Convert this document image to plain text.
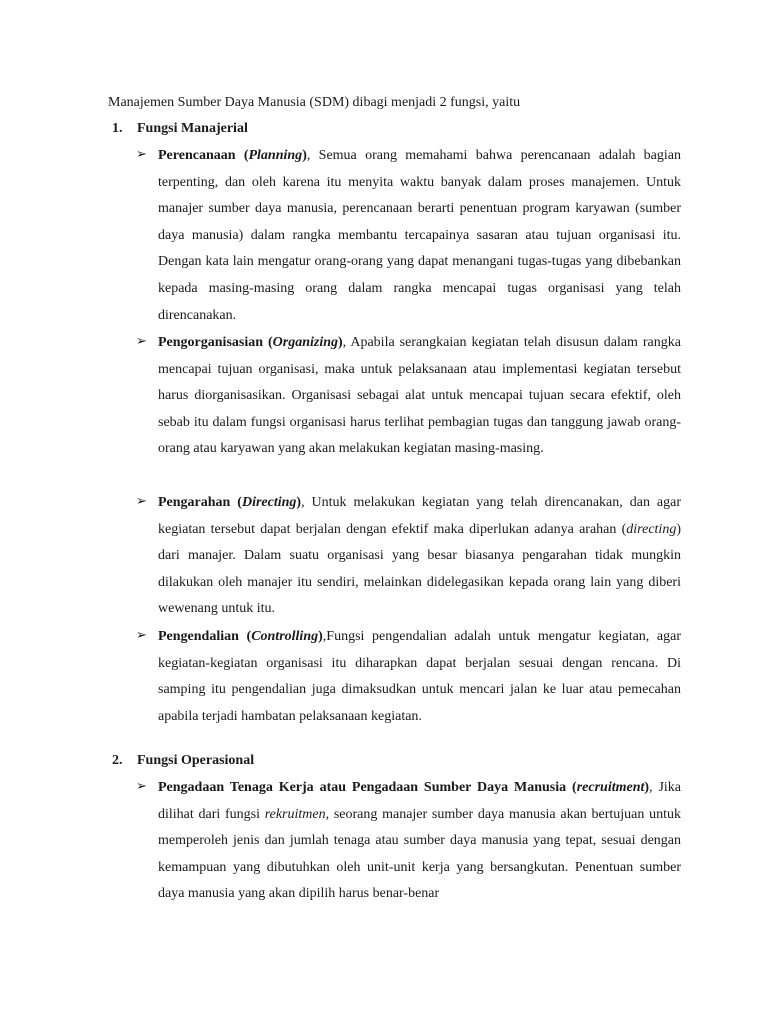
Manajemen Sumber Daya Manusia (SDM) dibagi menjadi 2 fungsi, yaitu
1. Fungsi Manajerial
➢ Perencanaan (Planning), Semua orang memahami bahwa perencanaan adalah bagian terpenting, dan oleh karena itu menyita waktu banyak dalam proses manajemen. Untuk manajer sumber daya manusia, perencanaan berarti penentuan program karyawan (sumber daya manusia) dalam rangka membantu tercapainya sasaran atau tujuan organisasi itu. Dengan kata lain mengatur orang-orang yang dapat menangani tugas-tugas yang dibebankan kepada masing-masing orang dalam rangka mencapai tugas organisasi yang telah direncanakan.
➢ Pengorganisasian (Organizing), Apabila serangkaian kegiatan telah disusun dalam rangka mencapai tujuan organisasi, maka untuk pelaksanaan atau implementasi kegiatan tersebut harus diorganisasikan. Organisasi sebagai alat untuk mencapai tujuan secara efektif, oleh sebab itu dalam fungsi organisasi harus terlihat pembagian tugas dan tanggung jawab orang-orang atau karyawan yang akan melakukan kegiatan masing-masing.
➢ Pengarahan (Directing), Untuk melakukan kegiatan yang telah direncanakan, dan agar kegiatan tersebut dapat berjalan dengan efektif maka diperlukan adanya arahan (directing) dari manajer. Dalam suatu organisasi yang besar biasanya pengarahan tidak mungkin dilakukan oleh manajer itu sendiri, melainkan didelegasikan kepada orang lain yang diberi wewenang untuk itu.
➢ Pengendalian (Controlling),Fungsi pengendalian adalah untuk mengatur kegiatan, agar kegiatan-kegiatan organisasi itu diharapkan dapat berjalan sesuai dengan rencana. Di samping itu pengendalian juga dimaksudkan untuk mencari jalan ke luar atau pemecahan apabila terjadi hambatan pelaksanaan kegiatan.
2. Fungsi Operasional
➢ Pengadaan Tenaga Kerja atau Pengadaan Sumber Daya Manusia (recruitment), Jika dilihat dari fungsi rekruitmen, seorang manajer sumber daya manusia akan bertujuan untuk memperoleh jenis dan jumlah tenaga atau sumber daya manusia yang tepat, sesuai dengan kemampuan yang dibutuhkan oleh unit-unit kerja yang bersangkutan. Penentuan sumber daya manusia yang akan dipilih harus benar-benar
